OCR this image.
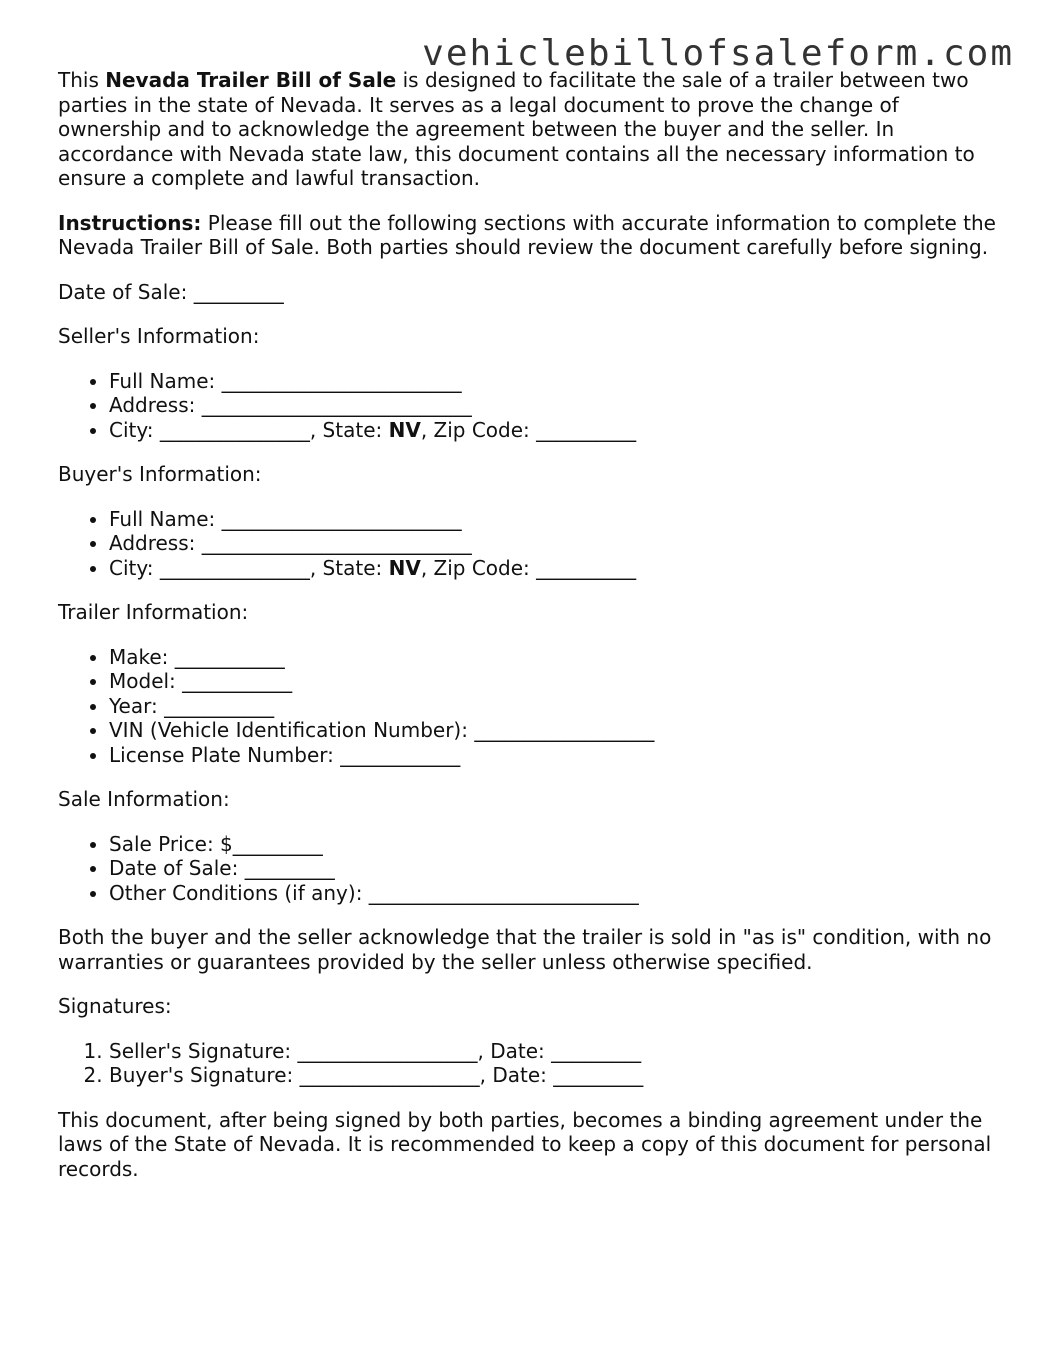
vehiclebillofsaleform.com

This Nevada Trailer Bill of Sale is designed to facilitate the sale of a trailer between two parties in the state of Nevada. It serves as a legal document to prove the change of ownership and to acknowledge the agreement between the buyer and the seller. In accordance with Nevada state law, this document contains all the necessary information to ensure a complete and lawful transaction.

Instructions: Please fill out the following sections with accurate information to complete the Nevada Trailer Bill of Sale. Both parties should review the document carefully before signing.

Date of Sale: _________

Seller's Information:

• Full Name: ________________________
• Address: ___________________________
• City: _______________, State: NV, Zip Code: __________

Buyer's Information:

• Full Name: ________________________
• Address: ___________________________
• City: _______________, State: NV, Zip Code: __________

Trailer Information:

• Make: ___________
• Model: ___________
• Year: ___________
• VIN (Vehicle Identification Number): __________________
• License Plate Number: ____________

Sale Information:

• Sale Price: $_________
• Date of Sale: _________
• Other Conditions (if any): ___________________________

Both the buyer and the seller acknowledge that the trailer is sold in "as is" condition, with no warranties or guarantees provided by the seller unless otherwise specified.

Signatures:

1. Seller's Signature: __________________, Date: _________
2. Buyer's Signature: __________________, Date: _________

This document, after being signed by both parties, becomes a binding agreement under the laws of the State of Nevada. It is recommended to keep a copy of this document for personal records.
